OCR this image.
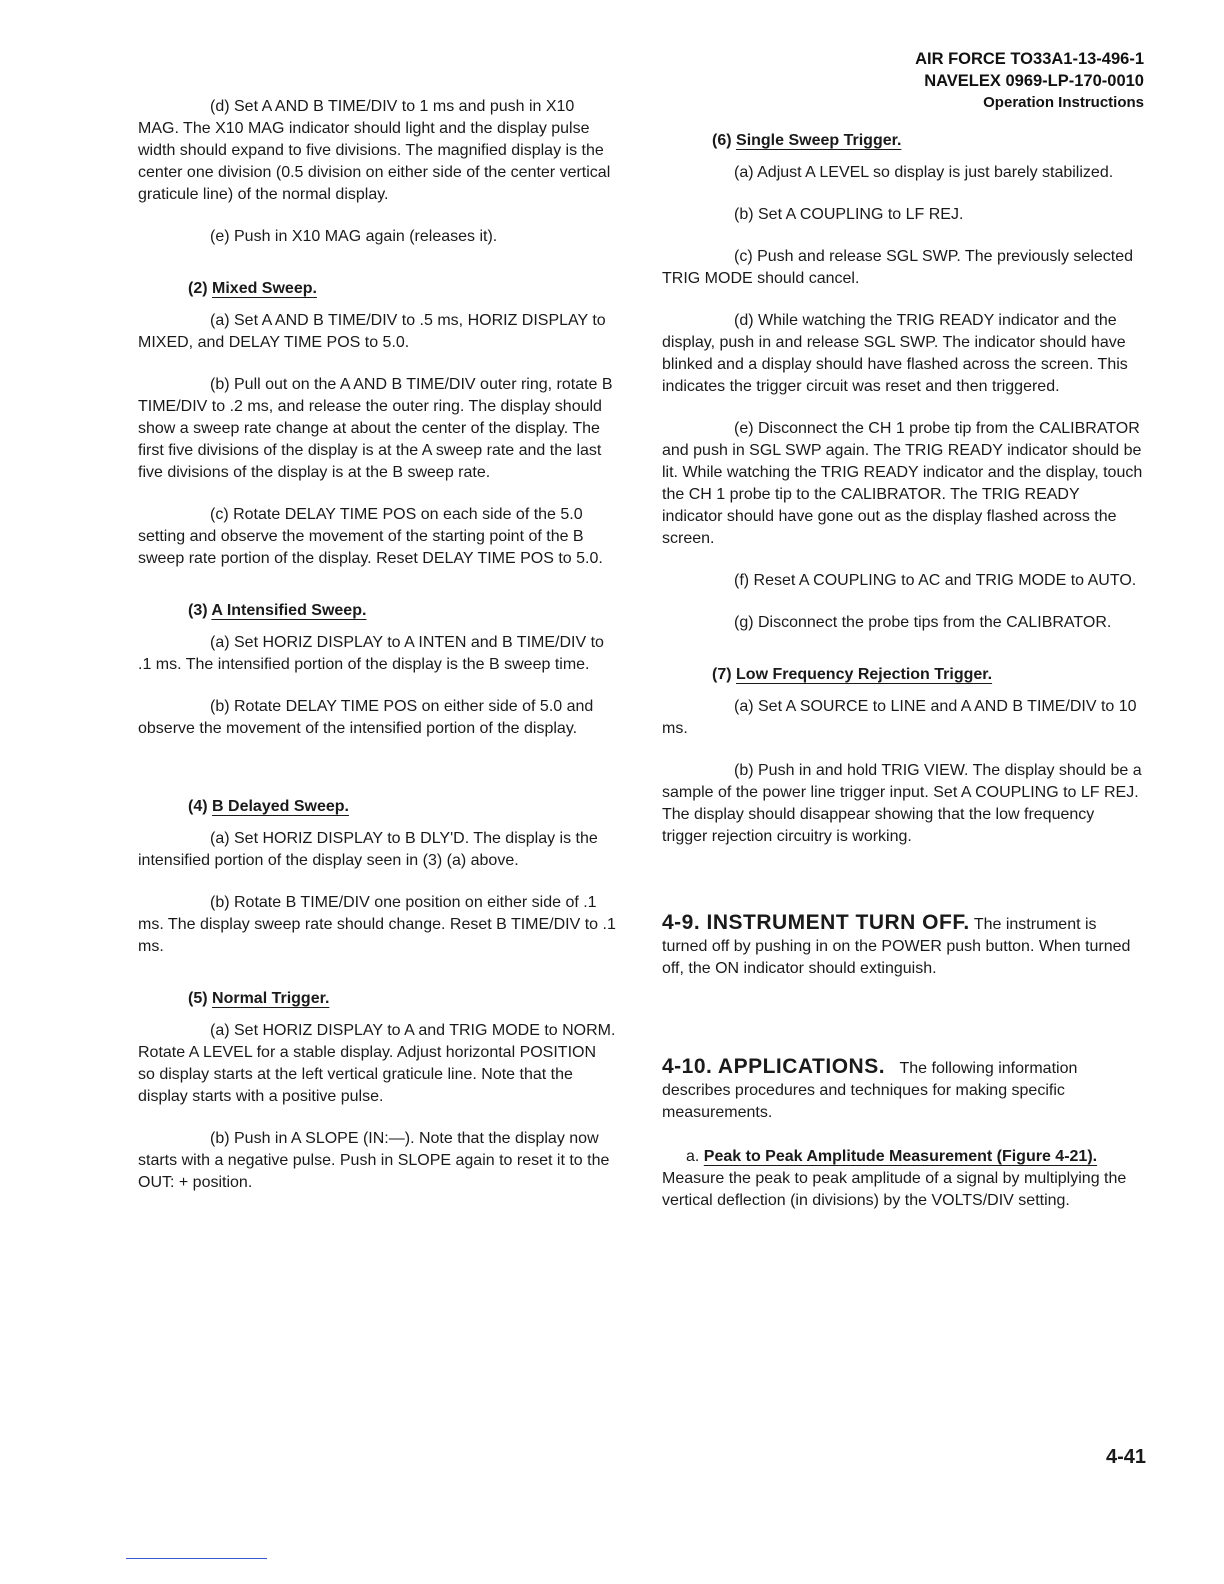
AIR FORCE TO33A1-13-496-1
NAVELEX 0969-LP-170-0010
Operation Instructions

(d) Set A AND B TIME/DIV to 1 ms and push in X10 MAG. The X10 MAG indicator should light and the display pulse width should expand to five divisions. The magnified display is the center one division (0.5 division on either side of the center vertical graticule line) of the normal display.

(e) Push in X10 MAG again (releases it).

(2) Mixed Sweep.

(a) Set A AND B TIME/DIV to .5 ms, HORIZ DISPLAY to MIXED, and DELAY TIME POS to 5.0.

(b) Pull out on the A AND B TIME/DIV outer ring, rotate B TIME/DIV to .2 ms, and release the outer ring. The display should show a sweep rate change at about the center of the display. The first five divisions of the display is at the A sweep rate and the last five divisions of the display is at the B sweep rate.

(c) Rotate DELAY TIME POS on each side of the 5.0 setting and observe the movement of the starting point of the B sweep rate portion of the display. Reset DELAY TIME POS to 5.0.

(3) A Intensified Sweep.

(a) Set HORIZ DISPLAY to A INTEN and B TIME/DIV to .1 ms. The intensified portion of the display is the B sweep time.

(b) Rotate DELAY TIME POS on either side of 5.0 and observe the movement of the intensified portion of the display.

(4) B Delayed Sweep.

(a) Set HORIZ DISPLAY to B DLY'D. The display is the intensified portion of the display seen in (3) (a) above.

(b) Rotate B TIME/DIV one position on either side of .1 ms. The display sweep rate should change. Reset B TIME/DIV to .1 ms.

(5) Normal Trigger.

(a) Set HORIZ DISPLAY to A and TRIG MODE to NORM. Rotate A LEVEL for a stable display. Adjust horizontal POSITION so display starts at the left vertical graticule line. Note that the display starts with a positive pulse.

(b) Push in A SLOPE (IN:—). Note that the display now starts with a negative pulse. Push in SLOPE again to reset it to the OUT: + position.

(6) Single Sweep Trigger.

(a) Adjust A LEVEL so display is just barely stabilized.

(b) Set A COUPLING to LF REJ.

(c) Push and release SGL SWP. The previously selected TRIG MODE should cancel.

(d) While watching the TRIG READY indicator and the display, push in and release SGL SWP. The indicator should have blinked and a display should have flashed across the screen. This indicates the trigger circuit was reset and then triggered.

(e) Disconnect the CH 1 probe tip from the CALIBRATOR and push in SGL SWP again. The TRIG READY indicator should be lit. While watching the TRIG READY indicator and the display, touch the CH 1 probe tip to the CALIBRATOR. The TRIG READY indicator should have gone out as the display flashed across the screen.

(f) Reset A COUPLING to AC and TRIG MODE to AUTO.

(g) Disconnect the probe tips from the CALIBRATOR.

(7) Low Frequency Rejection Trigger.

(a) Set A SOURCE to LINE and A AND B TIME/DIV to 10 ms.

(b) Push in and hold TRIG VIEW. The display should be a sample of the power line trigger input. Set A COUPLING to LF REJ. The display should disappear showing that the low frequency trigger rejection circuitry is working.

4-9. INSTRUMENT TURN OFF. The instrument is turned off by pushing in on the POWER push button. When turned off, the ON indicator should extinguish.

4-10. APPLICATIONS. The following information describes procedures and techniques for making specific measurements.

a. Peak to Peak Amplitude Measurement (Figure 4-21). Measure the peak to peak amplitude of a signal by multiplying the vertical deflection (in divisions) by the VOLTS/DIV setting.

4-41
